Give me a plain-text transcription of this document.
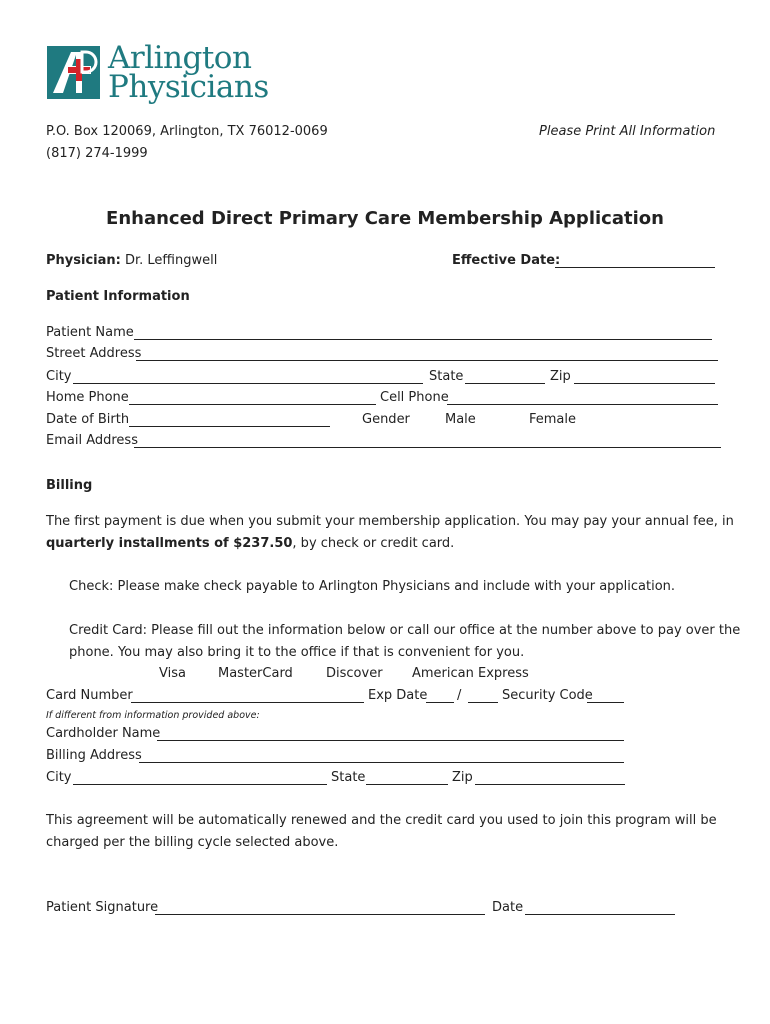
Arlington
Physicians
P.O. Box 120069, Arlington, TX 76012-0069
(817) 274-1999
Please Print All Information
Enhanced Direct Primary Care Membership Application
Physician: Dr. Leffingwell	Effective Date:
Patient Information
Patient Name
Street Address
City	State	Zip
Home Phone	Cell Phone
Date of Birth	Gender	Male	Female
Email Address
Billing
The first payment is due when you submit your membership application. You may pay your annual fee, in
quarterly installments of $237.50, by check or credit card.
Check: Please make check payable to Arlington Physicians and include with your application.
Credit Card: Please fill out the information below or call our office at the number above to pay over the
phone. You may also bring it to the office if that is convenient for you.
Visa MasterCard	Discover American Express
Card Number	Exp Date /	Security Code
If different from information provided above:
Cardholder Name
Billing Address
City	State	Zip
This agreement will be automatically renewed and the credit card you used to join this program will be
charged per the billing cycle selected above.
Patient Signature	Date
